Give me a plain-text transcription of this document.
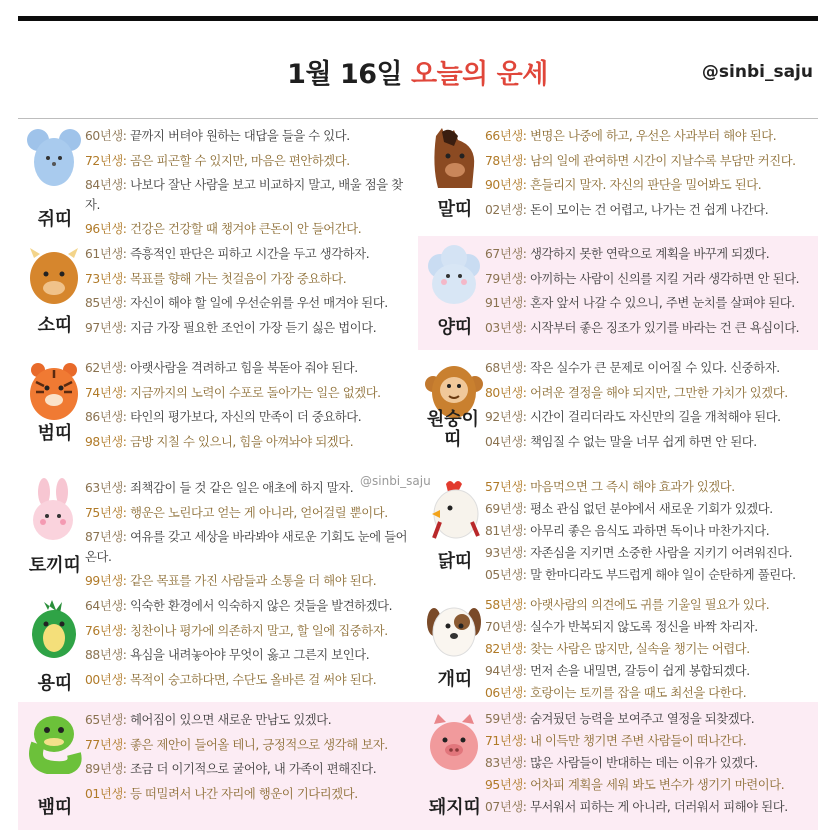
1월 16일 오늘의 운세	@sinbi_saju
쥐띠
60년생: 끝까지 버텨야 원하는 대답을 들을 수 있다.
72년생: 곰은 피곤할 수 있지만, 마음은 편안하겠다.
84년생: 나보다 잘난 사람을 보고 비교하지 말고, 배울 점을 찾자.
96년생: 건강은 건강할 때 챙겨야 큰돈이 안 들어간다.
말띠
66년생: 변명은 나중에 하고, 우선은 사과부터 해야 된다.
78년생: 남의 일에 관여하면 시간이 지날수록 부담만 커진다.
90년생: 흔들리지 말자. 자신의 판단을 밀어봐도 된다.
02년생: 돈이 모이는 건 어렵고, 나가는 건 쉽게 나간다.
소띠
61년생: 즉흥적인 판단은 피하고 시간을 두고 생각하자.
73년생: 목표를 향해 가는 첫걸음이 가장 중요하다.
85년생: 자신이 해야 할 일에 우선순위를 우선 매겨야 된다.
97년생: 지금 가장 필요한 조언이 가장 듣기 싫은 법이다.	양띠
67년생: 생각하지 못한 연락으로 계획을 바꾸게 되겠다.
79년생: 아끼하는 사람이 신의를 지킬 거라 생각하면 안 된다.
91년생: 혼자 앞서 나갈 수 있으니, 주변 눈치를 살펴야 된다.
03년생: 시작부터 좋은 징조가 있기를 바라는 건 큰 욕심이다.
범띠
62년생: 아랫사람을 격려하고 힘을 북돋아 줘야 된다.
74년생: 지금까지의 노력이 수포로 돌아가는 일은 없겠다.
86년생: 타인의 평가보다, 자신의 만족이 더 중요하다.
98년생: 금방 지칠 수 있으니, 힘을 아껴놔야 되겠다.
원숭이띠
68년생: 작은 실수가 큰 문제로 이어질 수 있다. 신중하자.
80년생: 어려운 결정을 해야 되지만, 그만한 가치가 있겠다.
92년생: 시간이 걸리더라도 자신만의 길을 개척해야 된다.
04년생: 책임질 수 없는 말을 너무 쉽게 하면 안 된다.
토끼띠
63년생: 죄책감이 들 것 같은 일은 애초에 하지 말자.
75년생: 행운은 노린다고 얻는 게 아니라, 얻어걸릴 뿐이다.
87년생: 여유를 갖고 세상을 바라봐야 새로운 기회도 눈에 들어온다.
99년생: 같은 목표를 가진 사람들과 소통을 더 해야 된다.
닭띠
57년생: 마음먹으면 그 즉시 해야 효과가 있겠다.
69년생: 평소 관심 없던 분야에서 새로운 기회가 있겠다.
81년생: 아무리 좋은 음식도 과하면 독이나 마찬가지다.
93년생: 자존심을 지키면 소중한 사람을 지키기 어려워진다.
05년생: 말 한마디라도 부드럽게 해야 일이 순탄하게 풀린다.
용띠
64년생: 익숙한 환경에서 익숙하지 않은 것들을 발견하겠다.
76년생: 칭찬이나 평가에 의존하지 말고, 할 일에 집중하자.
88년생: 욕심을 내려놓아야 무엇이 옳고 그른지 보인다.
00년생: 목적이 숭고하다면, 수단도 올바른 걸 써야 된다.	개띠
58년생: 아랫사람의 의견에도 귀를 기울일 필요가 있다.
70년생: 실수가 반복되지 않도록 정신을 바짝 차리자.
82년생: 찾는 사람은 많지만, 실속을 챙기는 어렵다.
94년생: 먼저 손을 내밀면, 갈등이 쉽게 봉합되겠다.
06년생: 호랑이는 토끼를 잡을 때도 최선을 다한다.
뱀띠
65년생: 헤어짐이 있으면 새로운 만남도 있겠다.
77년생: 좋은 제안이 들어올 테니, 긍정적으로 생각해 보자.
89년생: 조금 더 이기적으로 굴어야, 내 가족이 편해진다.
01년생: 등 떠밀려서 나간 자리에 행운이 기다리겠다.
돼지띠
59년생: 숨겨뒀던 능력을 보여주고 열정을 되찾겠다.
71년생: 내 이득만 챙기면 주변 사람들이 떠나간다.
83년생: 많은 사람들이 반대하는 데는 이유가 있겠다.
95년생: 어차피 계획을 세워 봐도 변수가 생기기 마련이다.
07년생: 무서워서 피하는 게 아니라, 더러워서 피해야 된다.
@sinbi_saju
